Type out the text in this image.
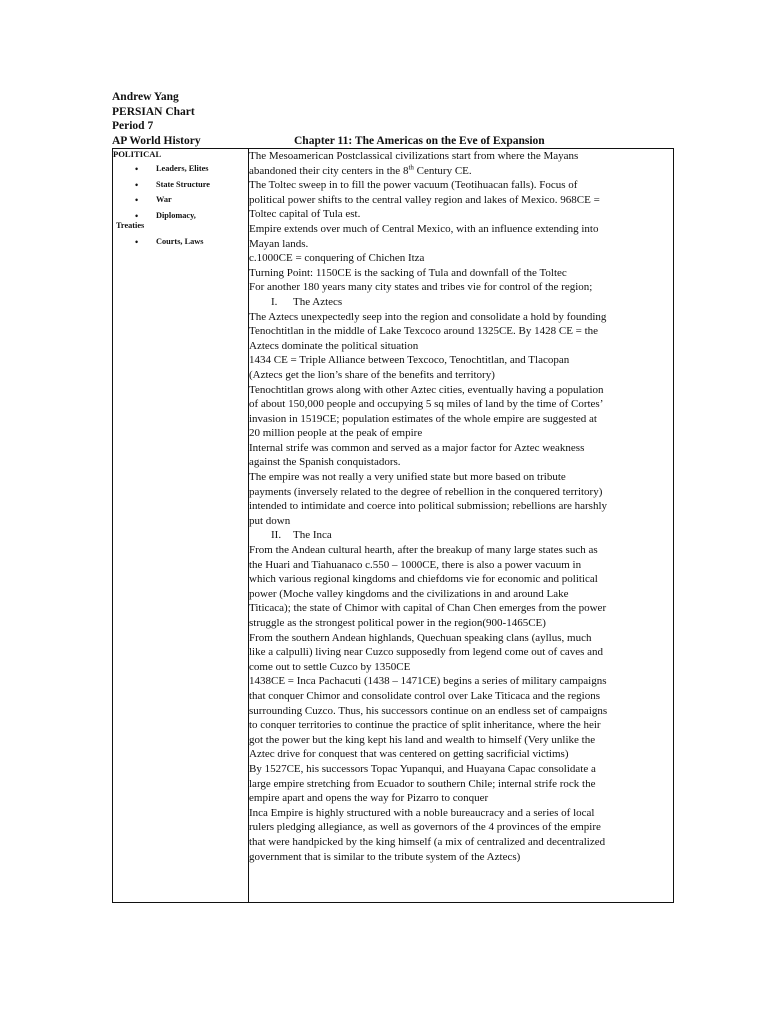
Andrew Yang
PERSIAN Chart
Period 7
AP World History	Chapter 11: The Americas on the Eve of Expansion
POLITICAL
• Leaders, Elites
• State Structure
• War
• Diplomacy,
Treaties
• Courts, Laws

The Mesoamerican Postclassical civilizations start from where the Mayans
abandoned their city centers in the 8th Century CE.
The Toltec sweep in to fill the power vacuum (Teotihuacan falls). Focus of
political power shifts to the central valley region and lakes of Mexico. 968CE =
Toltec capital of Tula est.
Empire extends over much of Central Mexico, with an influence extending into
Mayan lands.
c.1000CE = conquering of Chichen Itza
Turning Point: 1150CE is the sacking of Tula and downfall of the Toltec
For another 180 years many city states and tribes vie for control of the region;
I. The Aztecs
The Aztecs unexpectedly seep into the region and consolidate a hold by founding
Tenochtitlan in the middle of Lake Texcoco around 1325CE. By 1428 CE = the
Aztecs dominate the political situation
1434 CE = Triple Alliance between Texcoco, Tenochtitlan, and Tlacopan
(Aztecs get the lion’s share of the benefits and territory)
Tenochtitlan grows along with other Aztec cities, eventually having a population
of about 150,000 people and occupying 5 sq miles of land by the time of Cortes’
invasion in 1519CE; population estimates of the whole empire are suggested at
20 million people at the peak of empire
Internal strife was common and served as a major factor for Aztec weakness
against the Spanish conquistadors.
The empire was not really a very unified state but more based on tribute
payments (inversely related to the degree of rebellion in the conquered territory)
intended to intimidate and coerce into political submission; rebellions are harshly
put down
II. The Inca
From the Andean cultural hearth, after the breakup of many large states such as
the Huari and Tiahuanaco c.550 – 1000CE, there is also a power vacuum in
which various regional kingdoms and chiefdoms vie for economic and political
power (Moche valley kingdoms and the civilizations in and around Lake
Titicaca); the state of Chimor with capital of Chan Chen emerges from the power
struggle as the strongest political power in the region(900-1465CE)
From the southern Andean highlands, Quechuan speaking clans (ayllus, much
like a calpulli) living near Cuzco supposedly from legend come out of caves and
come out to settle Cuzco by 1350CE
1438CE = Inca Pachacuti (1438 – 1471CE) begins a series of military campaigns
that conquer Chimor and consolidate control over Lake Titicaca and the regions
surrounding Cuzco. Thus, his successors continue on an endless set of campaigns
to conquer territories to continue the practice of split inheritance, where the heir
got the power but the king kept his land and wealth to himself (Very unlike the
Aztec drive for conquest that was centered on getting sacrificial victims)
By 1527CE, his successors Topac Yupanqui, and Huayana Capac consolidate a
large empire stretching from Ecuador to southern Chile; internal strife rock the
empire apart and opens the way for Pizarro to conquer
Inca Empire is highly structured with a noble bureaucracy and a series of local
rulers pledging allegiance, as well as governors of the 4 provinces of the empire
that were handpicked by the king himself (a mix of centralized and decentralized
government that is similar to the tribute system of the Aztecs)
